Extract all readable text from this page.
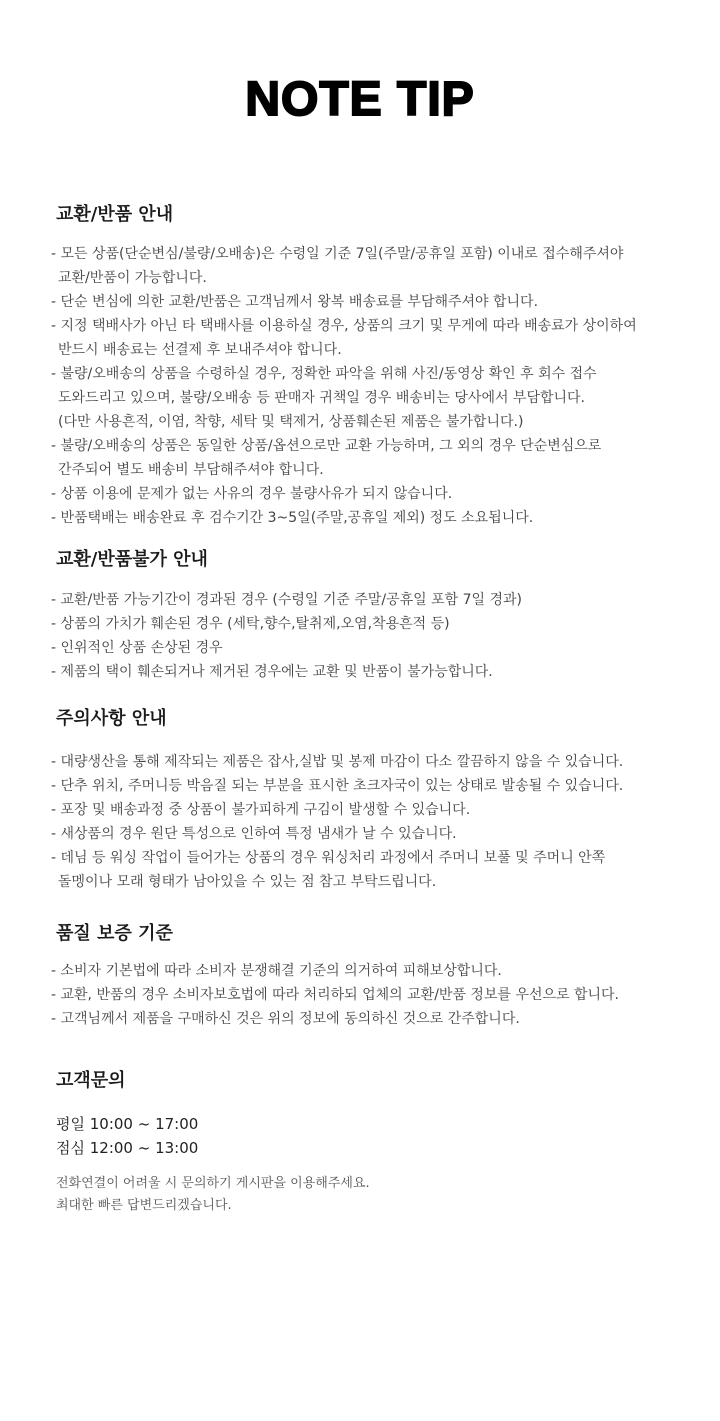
NOTE TIP
교환/반품 안내
- 모든 상품(단순변심/불량/오배송)은 수령일 기준 7일(주말/공휴일 포함) 이내로 접수해주셔야
교환/반품이 가능합니다.
- 단순 변심에 의한 교환/반품은 고객님께서 왕복 배송료를 부담해주셔야 합니다.
- 지정 택배사가 아닌 타 택배사를 이용하실 경우, 상품의 크기 및 무게에 따라 배송료가 상이하여
반드시 배송료는 선결제 후 보내주셔야 합니다.
- 불량/오배송의 상품을 수령하실 경우, 정확한 파악을 위해 사진/동영상 확인 후 회수 접수
도와드리고 있으며, 불량/오배송 등 판매자 귀책일 경우 배송비는 당사에서 부담합니다.
(다만 사용흔적, 이염, 착향, 세탁 및 택제거, 상품훼손된 제품은 불가합니다.)
- 불량/오배송의 상품은 동일한 상품/옵션으로만 교환 가능하며, 그 외의 경우 단순변심으로
간주되어 별도 배송비 부담해주셔야 합니다.
- 상품 이용에 문제가 없는 사유의 경우 불량사유가 되지 않습니다.
- 반품택배는 배송완료 후 검수기간 3~5일(주말,공휴일 제외) 정도 소요됩니다.
교환/반품불가 안내
- 교환/반품 가능기간이 경과된 경우 (수령일 기준 주말/공휴일 포함 7일 경과)
- 상품의 가치가 훼손된 경우 (세탁,향수,탈취제,오염,착용흔적 등)
- 인위적인 상품 손상된 경우
- 제품의 택이 훼손되거나 제거된 경우에는 교환 및 반품이 불가능합니다.
주의사항 안내
- 대량생산을 통해 제작되는 제품은 잡사,실밥 및 봉제 마감이 다소 깔끔하지 않을 수 있습니다.
- 단추 위치, 주머니등 박음질 되는 부분을 표시한 초크자국이 있는 상태로 발송될 수 있습니다.
- 포장 및 배송과정 중 상품이 불가피하게 구김이 발생할 수 있습니다.
- 새상품의 경우 원단 특성으로 인하여 특정 냄새가 날 수 있습니다.
- 데님 등 워싱 작업이 들어가는 상품의 경우 워싱처리 과정에서 주머니 보풀 및 주머니 안쪽
돌멩이나 모래 형태가 남아있을 수 있는 점 참고 부탁드립니다.
품질 보증 기준
- 소비자 기본법에 따라 소비자 분쟁해결 기준의 의거하여 피해보상합니다.
- 교환, 반품의 경우 소비자보호법에 따라 처리하되 업체의 교환/반품 정보를 우선으로 합니다.
- 고객님께서 제품을 구매하신 것은 위의 정보에 동의하신 것으로 간주합니다.
고객문의
평일 10:00 ~ 17:00
점심 12:00 ~ 13:00
전화연결이 어려울 시 문의하기 게시판을 이용해주세요.
최대한 빠른 답변드리겠습니다.
